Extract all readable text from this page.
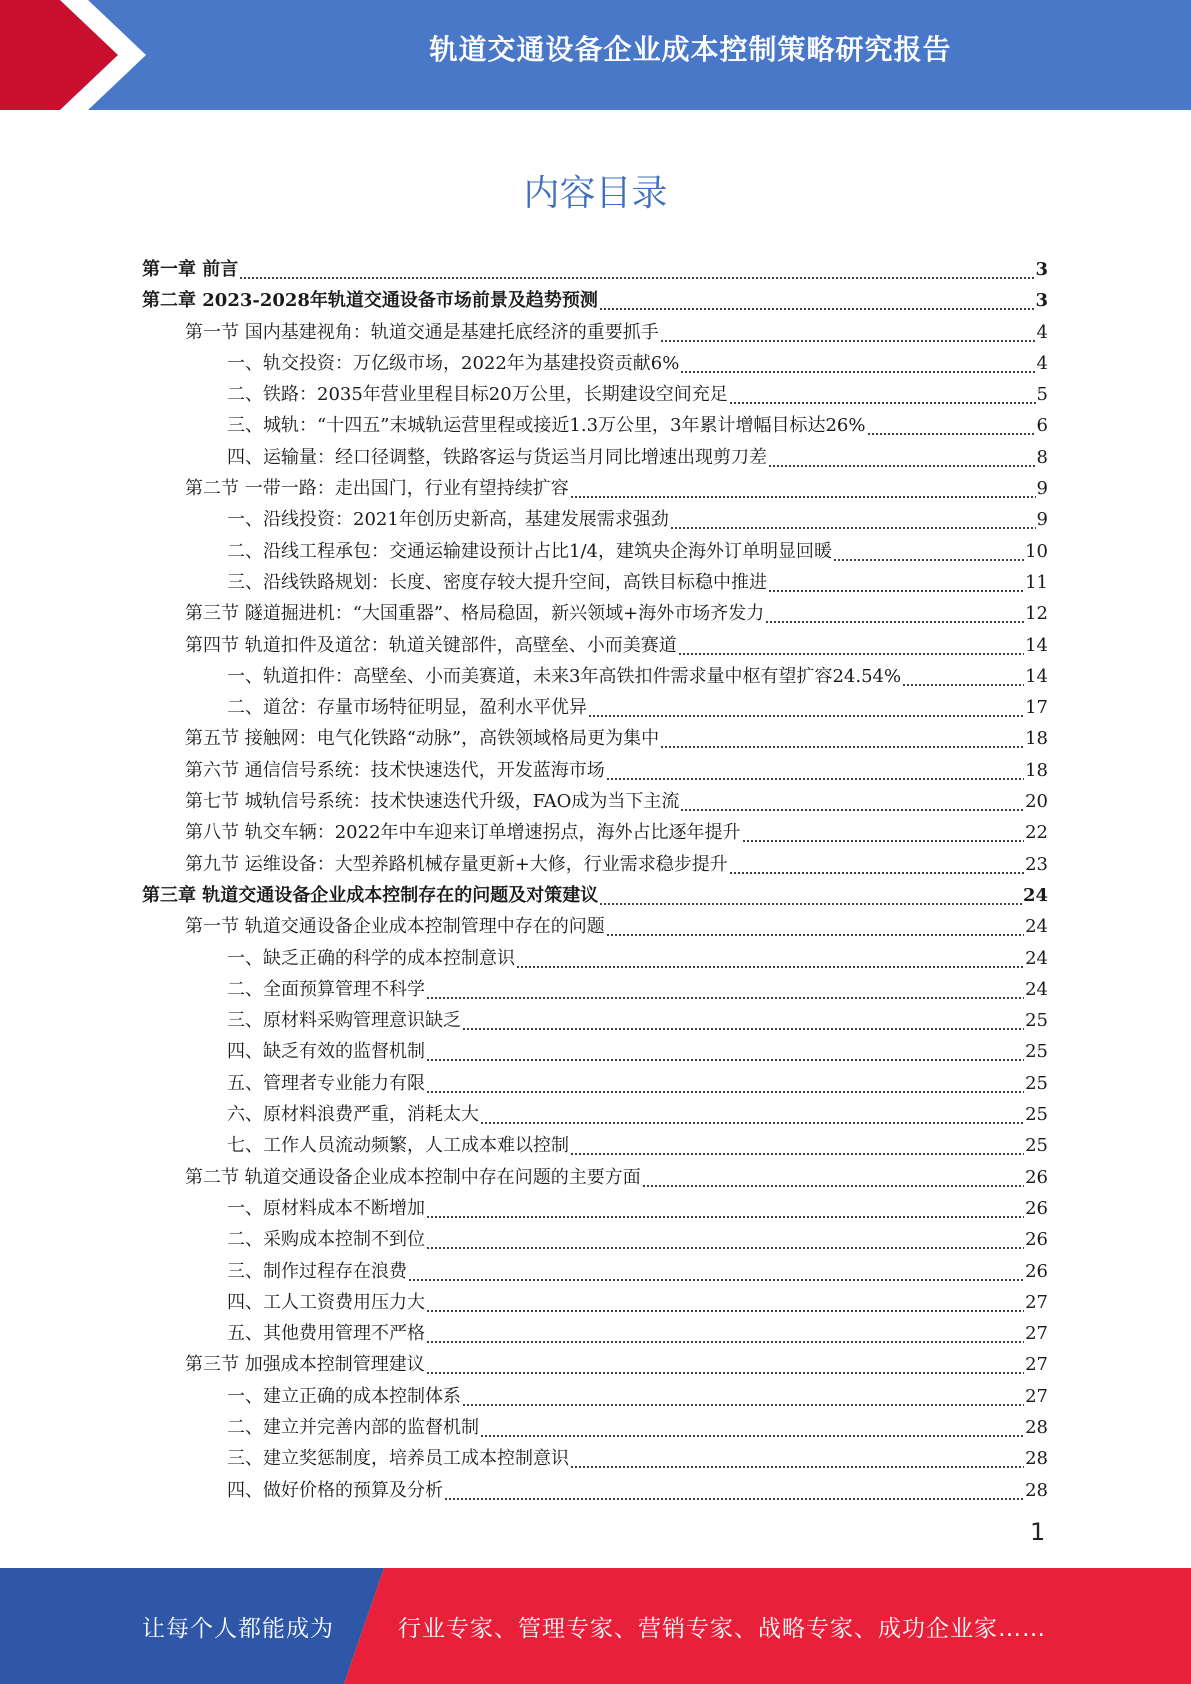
轨道交通设备企业成本控制策略研究报告
内容目录
第一章 前言	3
第二章 2023-2028年轨道交通设备市场前景及趋势预测	3
第一节 国内基建视角：轨道交通是基建托底经济的重要抓手	4
一、轨交投资：万亿级市场，2022年为基建投资贡献6%	4
二、铁路：2035年营业里程目标20万公里，长期建设空间充足	5
三、城轨：“十四五”末城轨运营里程或接近1.3万公里，3年累计增幅目标达26%	6
四、运输量：经口径调整，铁路客运与货运当月同比增速出现剪刀差	8
第二节 一带一路：走出国门，行业有望持续扩容	9
一、沿线投资：2021年创历史新高，基建发展需求强劲	9
二、沿线工程承包：交通运输建设预计占比1/4，建筑央企海外订单明显回暖	10
三、沿线铁路规划：长度、密度存较大提升空间，高铁目标稳中推进	11
第三节 隧道掘进机：“大国重器”、格局稳固，新兴领域+海外市场齐发力	12
第四节 轨道扣件及道岔：轨道关键部件，高壁垒、小而美赛道	14
一、轨道扣件：高壁垒、小而美赛道，未来3年高铁扣件需求量中枢有望扩容24.54%	14
二、道岔：存量市场特征明显，盈利水平优异	17
第五节 接触网：电气化铁路“动脉”，高铁领域格局更为集中	18
第六节 通信信号系统：技术快速迭代，开发蓝海市场	18
第七节 城轨信号系统：技术快速迭代升级，FAO成为当下主流	20
第八节 轨交车辆：2022年中车迎来订单增速拐点，海外占比逐年提升	22
第九节 运维设备：大型养路机械存量更新+大修，行业需求稳步提升	23
第三章 轨道交通设备企业成本控制存在的问题及对策建议	24
第一节 轨道交通设备企业成本控制管理中存在的问题	24
一、缺乏正确的科学的成本控制意识	24
二、全面预算管理不科学	24
三、原材料采购管理意识缺乏	25
四、缺乏有效的监督机制	25
五、管理者专业能力有限	25
六、原材料浪费严重，消耗太大	25
七、工作人员流动频繁，人工成本难以控制	25
第二节 轨道交通设备企业成本控制中存在问题的主要方面	26
一、原材料成本不断增加	26
二、采购成本控制不到位	26
三、制作过程存在浪费	26
四、工人工资费用压力大	27
五、其他费用管理不严格	27
第三节 加强成本控制管理建议	27
一、建立正确的成本控制体系	27
二、建立并完善内部的监督机制	28
三、建立奖惩制度，培养员工成本控制意识	28
四、做好价格的预算及分析	28
1
让每个人都能成为	行业专家、管理专家、营销专家、战略专家、成功企业家……
